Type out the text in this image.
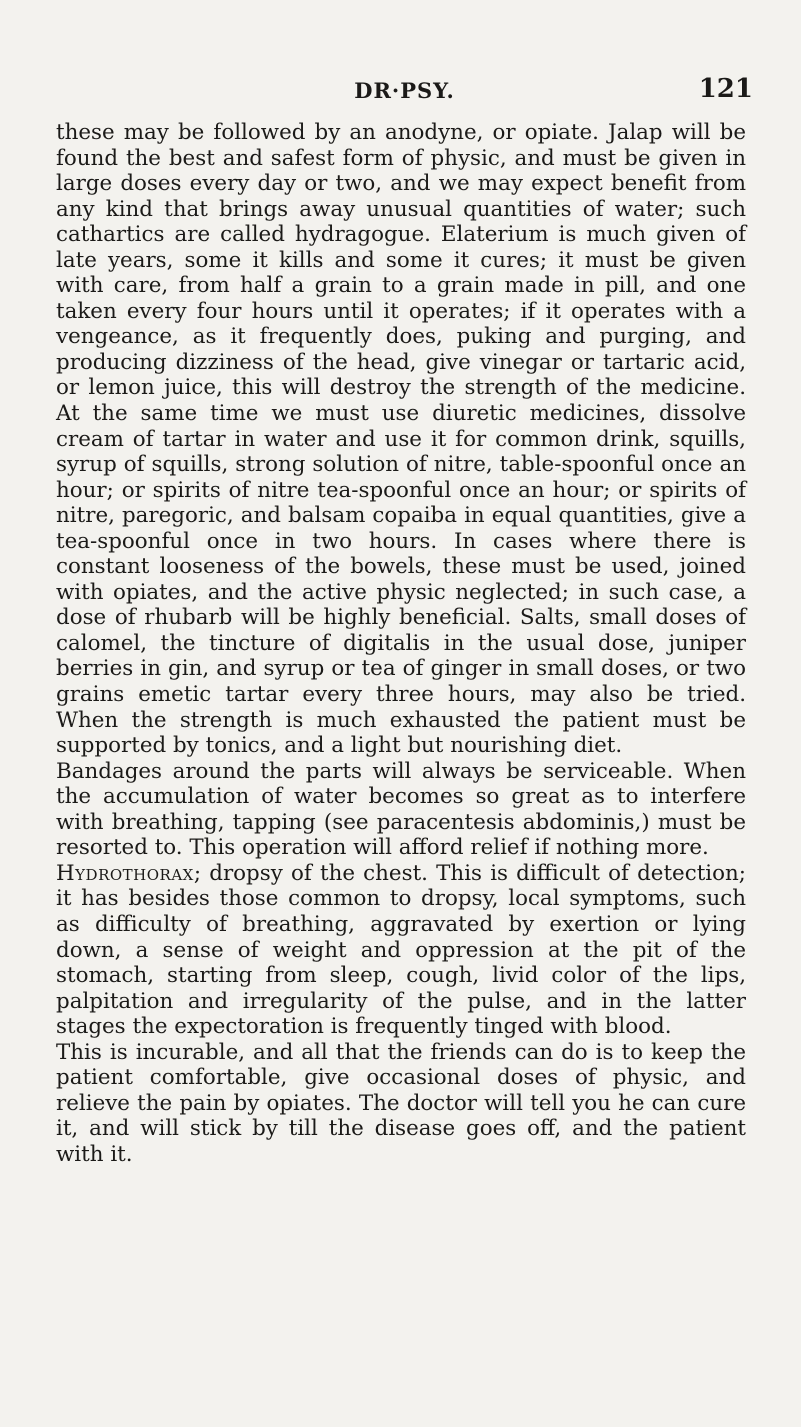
DR·PSY.	121

these may be followed by an anodyne, or opiate. Jalap will be found the best and safest form of physic, and must be given in large doses every day or two, and we may expect benefit from any kind that brings away unusual quantities of water; such cathartics are called hydragogue. Elaterium is much given of late years, some it kills and some it cures; it must be given with care, from half a grain to a grain made in pill, and one taken every four hours until it operates; if it operates with a vengeance, as it frequently does, puking and purging, and producing dizziness of the head, give vinegar or tartaric acid, or lemon juice, this will destroy the strength of the medicine. At the same time we must use diuretic medicines, dissolve cream of tartar in water and use it for common drink, squills, syrup of squills, strong solution of nitre, table-spoonful once an hour; or spirits of nitre tea-spoonful once an hour; or spirits of nitre, paregoric, and balsam copaiba in equal quantities, give a tea-spoonful once in two hours. In cases where there is constant looseness of the bowels, these must be used, joined with opiates, and the active physic neglected; in such case, a dose of rhubarb will be highly beneficial. Salts, small doses of calomel, the tincture of digitalis in the usual dose, juniper berries in gin, and syrup or tea of ginger in small doses, or two grains emetic tartar every three hours, may also be tried. When the strength is much exhausted the patient must be supported by tonics, and a light but nourishing diet.

Bandages around the parts will always be serviceable. When the accumulation of water becomes so great as to interfere with breathing, tapping (see paracentesis abdominis,) must be resorted to. This operation will afford relief if nothing more.

Hydrothorax; dropsy of the chest. This is difficult of detection; it has besides those common to dropsy, local symptoms, such as difficulty of breathing, aggravated by exertion or lying down, a sense of weight and oppression at the pit of the stomach, starting from sleep, cough, livid color of the lips, palpitation and irregularity of the pulse, and in the latter stages the expectoration is frequently tinged with blood.

This is incurable, and all that the friends can do is to keep the patient comfortable, give occasional doses of physic, and relieve the pain by opiates. The doctor will tell you he can cure it, and will stick by till the disease goes off, and the patient with it.
